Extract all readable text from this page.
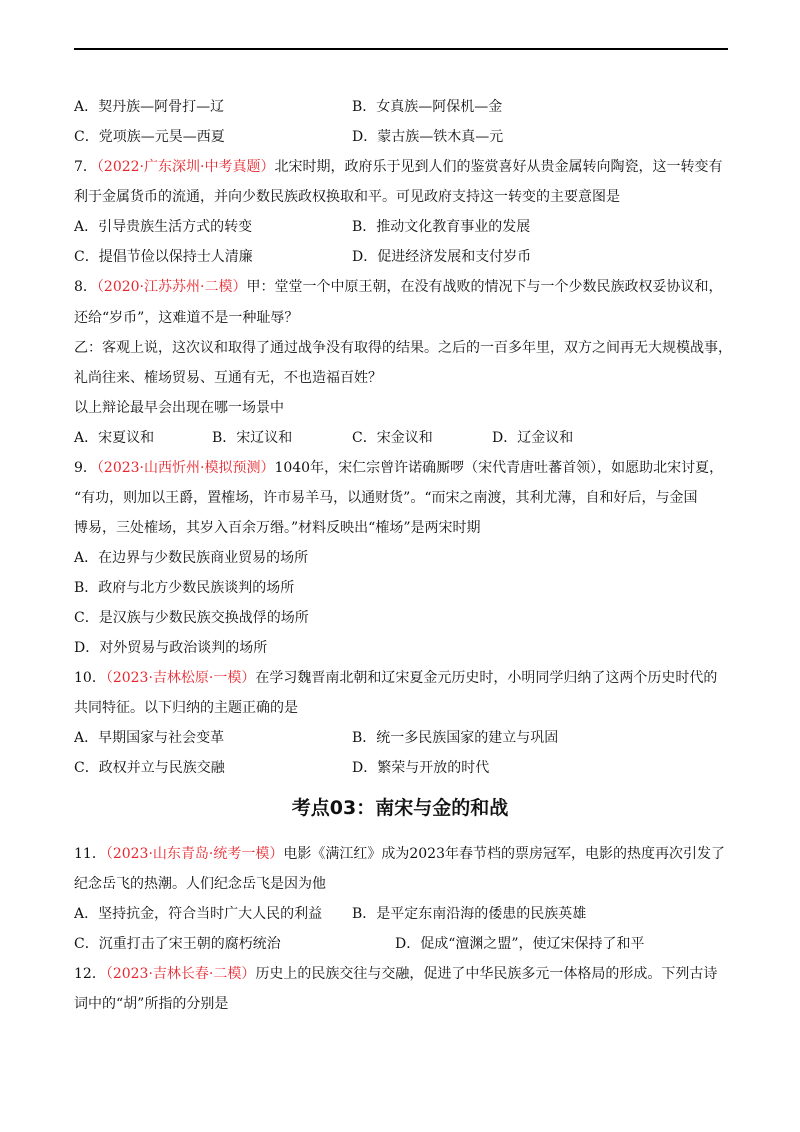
A．契丹族—阿骨打—辽	B．女真族—阿保机—金
C．党项族—元昊—西夏	D．蒙古族—铁木真—元
7．（2022·广东深圳·中考真题）北宋时期，政府乐于见到人们的鉴赏喜好从贵金属转向陶瓷，这一转变有
利于金属货币的流通，并向少数民族政权换取和平。可见政府支持这一转变的主要意图是
A．引导贵族生活方式的转变	B．推动文化教育事业的发展
C．提倡节俭以保持士人清廉	D．促进经济发展和支付岁币
8．（2020·江苏苏州·二模）甲：堂堂一个中原王朝，在没有战败的情况下与一个少数民族政权妥协议和，
还给“岁币”，这难道不是一种耻辱？
乙：客观上说，这次议和取得了通过战争没有取得的结果。之后的一百多年里，双方之间再无大规模战事，
礼尚往来、榷场贸易、互通有无，不也造福百姓？
以上辩论最早会出现在哪一场景中
A．宋夏议和	B．宋辽议和	C．宋金议和	D．辽金议和
9．（2023·山西忻州·模拟预测）1040年，宋仁宗曾许诺确厮啰（宋代青唐吐蕃首领），如愿助北宋讨夏，
“有功，则加以王爵，置榷场，许市易羊马，以通财货”。“而宋之南渡，其利尤薄，自和好后，与金国
博易，三处榷场，其岁入百余万缗。”材料反映出“榷场”是两宋时期
A．在边界与少数民族商业贸易的场所
B．政府与北方少数民族谈判的场所
C．是汉族与少数民族交换战俘的场所
D．对外贸易与政治谈判的场所
10．（2023·吉林松原·一模）在学习魏晋南北朝和辽宋夏金元历史时，小明同学归纳了这两个历史时代的
共同特征。以下归纳的主题正确的是
A．早期国家与社会变革	B．统一多民族国家的建立与巩固
C．政权并立与民族交融	D．繁荣与开放的时代
考点03：南宋与金的和战
11．（2023·山东青岛·统考一模）电影《满江红》成为2023年春节档的票房冠军，电影的热度再次引发了
纪念岳飞的热潮。人们纪念岳飞是因为他
A．坚持抗金，符合当时广大人民的利益 B．是平定东南沿海的倭患的民族英雄
C．沉重打击了宋王朝的腐朽统治	D．促成“澶渊之盟”，使辽宋保持了和平
12．（2023·吉林长春·二模）历史上的民族交往与交融，促进了中华民族多元一体格局的形成。下列古诗
词中的“胡”所指的分别是
